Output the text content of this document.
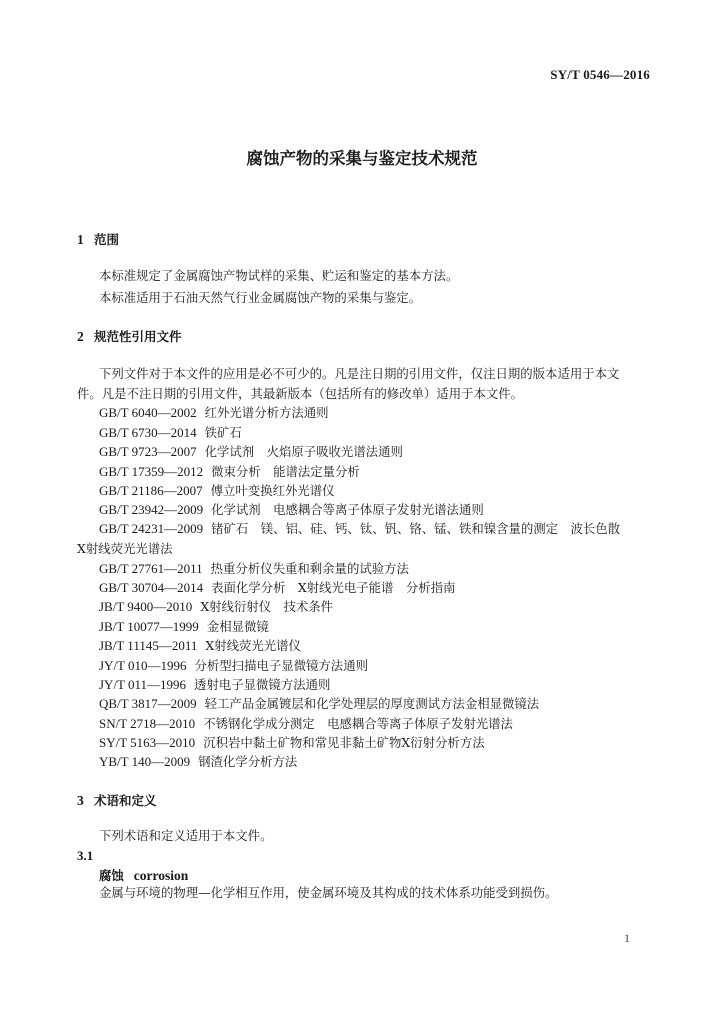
SY/T 0546—2016
腐蚀产物的采集与鉴定技术规范
1 范围

本标准规定了金属腐蚀产物试样的采集、贮运和鉴定的基本方法。

本标准适用于石油天然气行业金属腐蚀产物的采集与鉴定。

2 规范性引用文件

下列文件对于本文件的应用是必不可少的。凡是注日期的引用文件，仅注日期的版本适用于本文

件。凡是不注日期的引用文件，其最新版本（包括所有的修改单）适用于本文件。

GB/T 6040—2002 红外光谱分析方法通则

GB/T 6730—2014 铁矿石

GB/T 9723—2007 化学试剂　火焰原子吸收光谱法通则

GB/T 17359—2012 微束分析　能谱法定量分析

GB/T 21186—2007 傅立叶变换红外光谱仪

GB/T 23942—2009 化学试剂　电感耦合等离子体原子发射光谱法通则

GB/T 24231—2009 锗矿石　镁、铝、硅、钙、钛、钒、铬、锰、铁和镍含量的测定　波长色散

X射线荧光光谱法

GB/T 27761—2011 热重分析仪失重和剩余量的试验方法

GB/T 30704—2014 表面化学分析　X射线光电子能谱　分析指南

JB/T 9400—2010 X射线衍射仪　技术条件

JB/T 10077—1999 金相显微镜

JB/T 11145—2011 X射线荧光光谱仪

JY/T 010—1996 分析型扫描电子显微镜方法通则

JY/T 011—1996 透射电子显微镜方法通则

QB/T 3817—2009 轻工产品金属镀层和化学处理层的厚度测试方法金相显微镜法

SN/T 2718—2010 不锈钢化学成分测定　电感耦合等离子体原子发射光谱法

SY/T 5163—2010 沉积岩中黏土矿物和常见非黏土矿物X衍射分析方法

YB/T 140—2009 钢渣化学分析方法

3 术语和定义

下列术语和定义适用于本文件。

3.1

腐蚀 corrosion

金属与环境的物理—化学相互作用，使金属环境及其构成的技术体系功能受到损伤。

1
